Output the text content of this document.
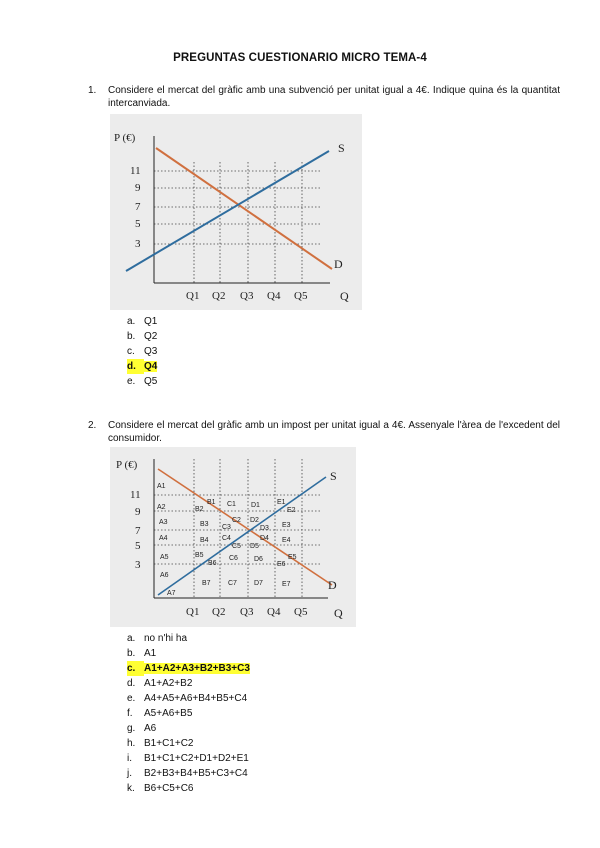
PREGUNTAS CUESTIONARIO MICRO TEMA-4
1. Considere el mercat del gràfic amb una subvenció per unitat igual a 4€. Indique quina és la quantitat intercanviada.
P (€)
S
D
Q
11
9
7
5
3
Q1 Q2 Q3 Q4 Q5
a. Q1
b. Q2
c. Q3
d. Q4
e. Q5
2. Considere el mercat del gràfic amb un impost per unitat igual a 4€. Assenyale l'àrea de l'excedent del consumidor.
P (€)
S
D
Q
11
9
7
5
3
Q1 Q2 Q3 Q4 Q5
A1
A2
A3
A4
A5
A6
A7
B1
B2
B3
B4
B5
B6
B7
C1
C2
C3
C4
C5
C6
C7
D1
D2
D3
D4
D5
D6
D7
E1
E2
E3
E4
E5
E6
E7
a. no n'hi ha
b. A1
c. A1+A2+A3+B2+B3+C3
d. A1+A2+B2
e. A4+A5+A6+B4+B5+C4
f. A5+A6+B5
g. A6
h. B1+C1+C2
i. B1+C1+C2+D1+D2+E1
j. B2+B3+B4+B5+C3+C4
k. B6+C5+C6
